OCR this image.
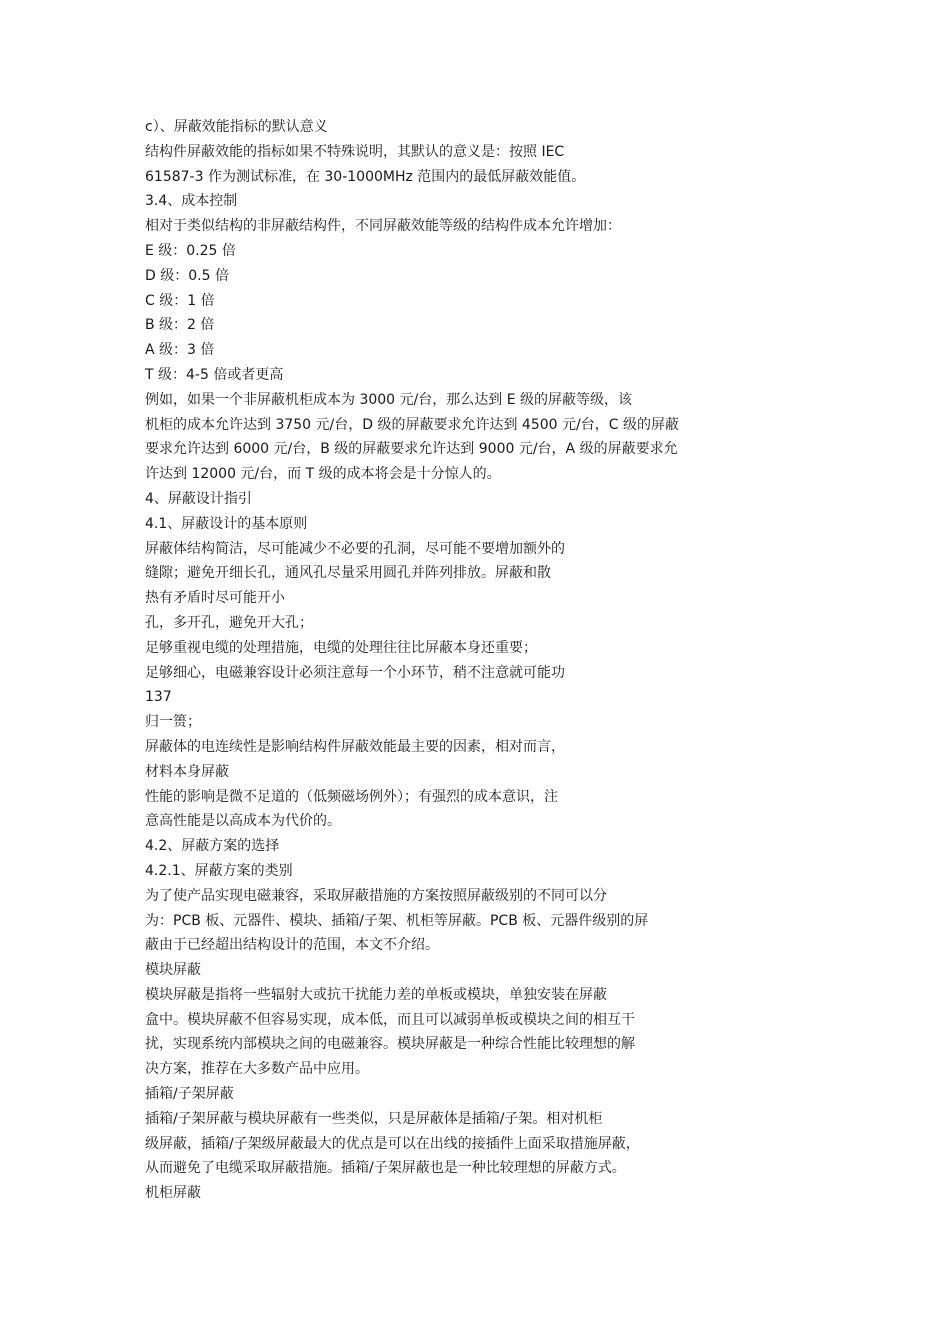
c）、屏蔽效能指标的默认意义
结构件屏蔽效能的指标如果不特殊说明，其默认的意义是：按照 IEC
61587-3 作为测试标准，在 30-1000MHz 范围内的最低屏蔽效能值。
3.4、成本控制
相对于类似结构的非屏蔽结构件，不同屏蔽效能等级的结构件成本允许增加：
E 级：0.25 倍
D 级：0.5 倍
C 级：1 倍
B 级：2 倍
A 级：3 倍
T 级：4-5 倍或者更高
例如，如果一个非屏蔽机柜成本为 3000 元/台，那么达到 E 级的屏蔽等级，该
机柜的成本允许达到 3750 元/台，D 级的屏蔽要求允许达到 4500 元/台，C 级的屏蔽
要求允许达到 6000 元/台，B 级的屏蔽要求允许达到 9000 元/台，A 级的屏蔽要求允
许达到 12000 元/台，而 T 级的成本将会是十分惊人的。
4、屏蔽设计指引
4.1、屏蔽设计的基本原则
屏蔽体结构简洁，尽可能减少不必要的孔洞，尽可能不要增加额外的
缝隙；避免开细长孔，通风孔尽量采用圆孔并阵列排放。屏蔽和散
热有矛盾时尽可能开小
孔，多开孔，避免开大孔；
足够重视电缆的处理措施，电缆的处理往往比屏蔽本身还重要；
足够细心，电磁兼容设计必须注意每一个小环节，稍不注意就可能功
137
归一篑；
屏蔽体的电连续性是影响结构件屏蔽效能最主要的因素，相对而言，
材料本身屏蔽
性能的影响是微不足道的（低频磁场例外）；有强烈的成本意识，注
意高性能是以高成本为代价的。
4.2、屏蔽方案的选择
4.2.1、屏蔽方案的类别
为了使产品实现电磁兼容，采取屏蔽措施的方案按照屏蔽级别的不同可以分
为：PCB 板、元器件、模块、插箱/子架、机柜等屏蔽。PCB 板、元器件级别的屏
蔽由于已经超出结构设计的范围，本文不介绍。
模块屏蔽
模块屏蔽是指将一些辐射大或抗干扰能力差的单板或模块，单独安装在屏蔽
盒中。模块屏蔽不但容易实现，成本低，而且可以减弱单板或模块之间的相互干
扰，实现系统内部模块之间的电磁兼容。模块屏蔽是一种综合性能比较理想的解
决方案，推荐在大多数产品中应用。
插箱/子架屏蔽
插箱/子架屏蔽与模块屏蔽有一些类似，只是屏蔽体是插箱/子架。相对机柜
级屏蔽，插箱/子架级屏蔽最大的优点是可以在出线的接插件上面采取措施屏蔽，
从而避免了电缆采取屏蔽措施。插箱/子架屏蔽也是一种比较理想的屏蔽方式。
机柜屏蔽
